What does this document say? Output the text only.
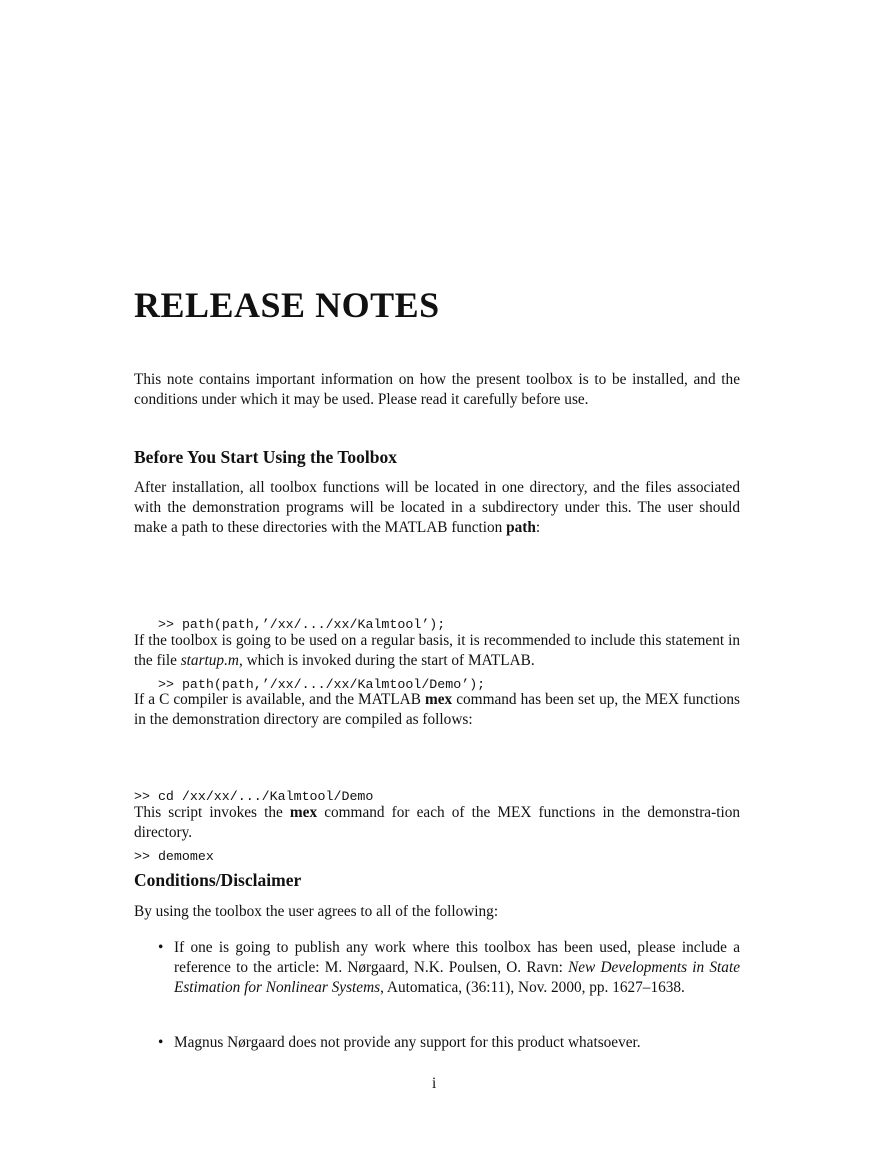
RELEASE NOTES

This note contains important information on how the present toolbox is to be installed, and the conditions under which it may be used. Please read it carefully before use.

Before You Start Using the Toolbox

After installation, all toolbox functions will be located in one directory, and the files associated with the demonstration programs will be located in a subdirectory under this. The user should make a path to these directories with the MATLAB function path:

>> path(path,’/xx/.../xx/Kalmtool’);

>> path(path,’/xx/.../xx/Kalmtool/Demo’);

If the toolbox is going to be used on a regular basis, it is recommended to include this statement in the file startup.m, which is invoked during the start of MATLAB.

If a C compiler is available, and the MATLAB mex command has been set up, the MEX functions in the demonstration directory are compiled as follows:

>> cd /xx/xx/.../Kalmtool/Demo

>> demomex

This script invokes the mex command for each of the MEX functions in the demonstra-tion directory.

Conditions/Disclaimer

By using the toolbox the user agrees to all of the following:

• If one is going to publish any work where this toolbox has been used, please include a reference to the article: M. Nørgaard, N.K. Poulsen, O. Ravn: New Developments in State Estimation for Nonlinear Systems, Automatica, (36:11), Nov. 2000, pp. 1627–1638.
• Magnus Nørgaard does not provide any support for this product whatsoever.
i
